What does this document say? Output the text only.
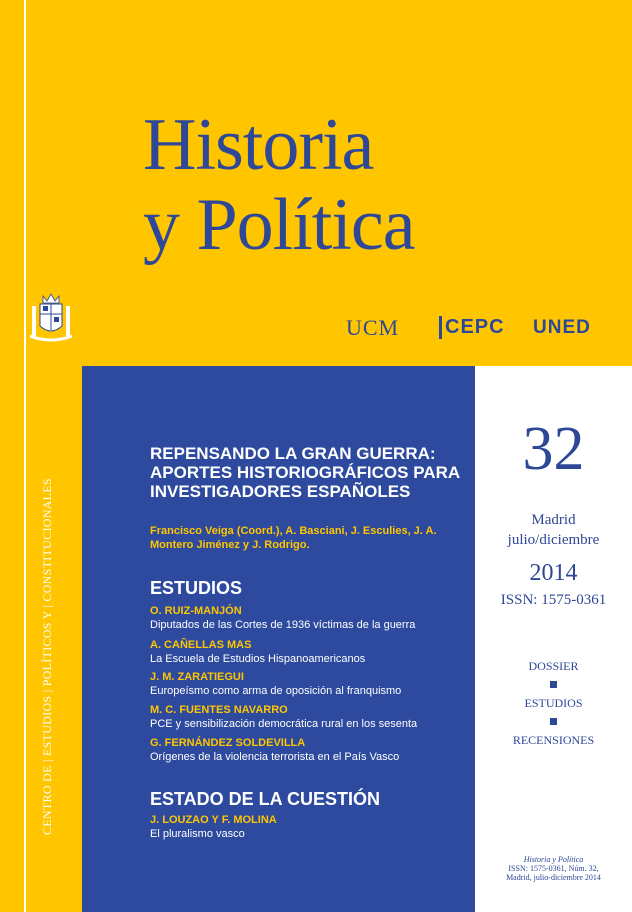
CENTRO DE | ESTUDIOS | POLÍTICOS Y | CONSTITUCIONALES
Historia
y Política
UCM	CEPC UNED
REPENSANDO LA GRAN GUERRA: APORTES HISTORIOGRÁFICOS PARA INVESTIGADORES ESPAÑOLES
Francisco Veiga (Coord.), A. Basciani, J. Esculies, J. A. Montero Jiménez y J. Rodrigo.
ESTUDIOS
O. RUIZ-MANJÓN
Diputados de las Cortes de 1936 víctimas de la guerra
A. CAÑELLAS MAS
La Escuela de Estudios Hispanoamericanos
J. M. ZARATIEGUI
Europeísmo como arma de oposición al franquismo
M. C. FUENTES NAVARRO
PCE y sensibilización democrática rural en los sesenta
G. FERNÁNDEZ SOLDEVILLA
Orígenes de la violencia terrorista en el País Vasco
ESTADO DE LA CUESTIÓN
J. LOUZAO Y F. MOLINA
El pluralismo vasco
32
Madrid
julio/diciembre
2014
ISSN: 1575-0361
DOSSIER
ESTUDIOS
RECENSIONES
Historia y Política
ISSN: 1575-0361, Núm. 32,
Madrid, julio-diciembre 2014
